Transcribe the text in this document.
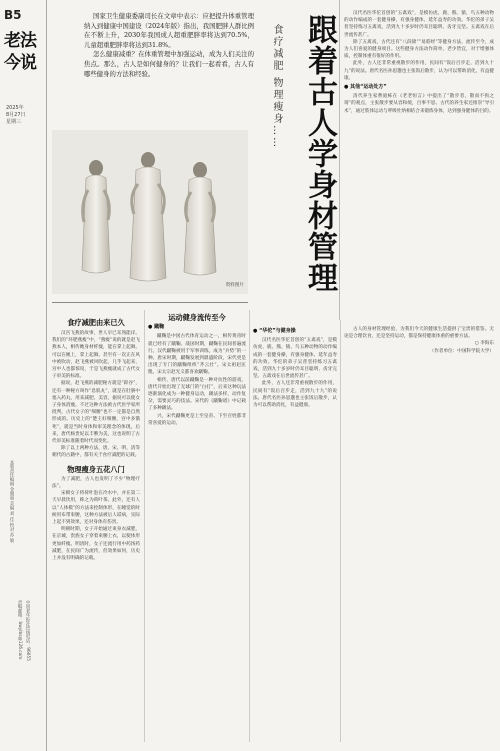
B5
老法
今说
2025年
8月27日
星期三
本版责任编辑 金丽丽 美编 刘 佳 校对 苏 敏
责编邮箱：bwylbs@126.com 中国老年报社热线电话：96655

国家卫生健康委副司长在文章中表示：应把提升体重管理纳入到健康中国建设（2024年版）指出，我国肥胖人群比例在不断上升，2030年我国成人超重肥胖率将达到70.5%，儿童超重肥胖率将达到31.8%。

怎么健康减重？在体重管理中加强运动，成为人们关注的焦点。那么，古人是如何健身的？让我们一起看看，古人有哪些健身的方法和经验。

资料图片 跟着古人学身材管理
食疗减肥 物理瘦身……

汉代名医华佗首创的“五禽戏”，是模仿虎、鹿、熊、猿、鸟五种动物的动作编成的一套健身操，有强身健体、延年益寿的功效。华佗的弟子吴普坚持练习五禽戏，活到九十多岁时仍耳目聪明、齿牙完坚。五禽戏在后世流传甚广。

除了五禽戏，古代还有“八段锦”“易筋经”等健身方法，流传至今，成为人们喜爱的健身项目。这些健身方法动作简单，老少皆宜，对于增强体质、控制体重有很好的作用。

此外，古人还非常重视散步的作用，民间有“饭后百步走，活到九十九”的说法。唐代名医孙思邈也主张饭后散步，认为可以帮助消化，有益健康。

● 其他“运动处方”

清代养生家曹庭栋在《老老恒言》中提出了“散步者，散而不拘之谓”的观点，主张散步要从容和缓，百事不思。古代的养生家还推崇“导引术”，通过肢体运动与呼吸吐纳相结合来锻炼身体，达到强身健体的目的。

食疗减肥由来已久

汉宫飞燕的故事，世人早已耳熟能详。我们的“环肥燕瘦”中，“燕瘦”说的就是赵飞燕本人，相传她身材纤瘦，能在掌上起舞。可以在她上，掌上起舞。甚至有一次正在风中被吹动，赵飞燕被风吹起，几乎飞起来，宫中人也都惊叹，于是飞燕瘦就成了古代女子审美的标准。

据说，赵飞燕的减肥秘方就是“辟谷”，还有一种秘方叫作“息肌丸”，就是在肚脐中塞入药丸，用来减肥、美容，据说可以使女子身体消瘦。不过这种方法被古代医学家所批判，古代女子的“细腰”也不一定都是自然形成的。历史上的“楚王好细腰，宫中多饿死”，就是当时身体和审美理念的体现。后来，唐代杨贵妃以丰腴为美，这也说明了古代审美标准随着时代而变化。

除了以上两种方法，唐、宋、明、清等朝代的古籍中，都有关于食疗减肥的记载。

物理瘦身五花八门

为了减肥，古人也发明了不少“物理疗法”。

宋朝女子将荷叶泡在冷水中，并在第二天早晨饮用，称之为荷叶茶。此外，还有人以“人体模”的方法来控制体形，在睡觉的时候用布带束腰，这种方法被后人诟病，实际上起不到效果，还对身体有伤害。

明朝时期，女子开始通过束身衣减肥，在京城，贵族女子穿着束腰上衣，以使体形更加纤瘦。明清时，女子还流行用中药汤药减肥，在民间广为流传，但效果如何，历史上并没有明确的记载。

运动健身流传至今
● 蹴鞠

蹴鞠是中国古代体育运动之一，相传黄帝时就已经有了蹴鞠。战国时期，蹴鞠在民间普遍流行。汉代蹴鞠被用于军事训练，成为“兵势”的一种。唐宋时期，蹴鞠发展到鼎盛阶段，宋代更是出现了专门的蹴鞠组织“齐云社”。宋太祖赵匡胤、宋太宗赵光义都喜欢蹴鞠。

相传，唐代以前蹴鞠是一种对抗性的游戏，唐代开始出现了无球门的“白打”，后来这种玩法逐渐演化成为一种健身运动，踢法多样，动作复杂，需要灵巧的技法。宋代的《蹴鞠谱》中记载了多种踢法。

兴，宋代蹴鞠更是上至皇帝、下至百姓都非常喜爱的运动。

● “华佗”与健身操

汉代名医华佗首创的“五禽戏”，是模仿虎、鹿、熊、猿、鸟五种动物的动作编成的一套健身操，有强身健体、延年益寿的功效。华佗的弟子吴普坚持练习五禽戏，活到九十多岁时仍耳目聪明、齿牙完坚。五禽戏在后世流传甚广。

此外，古人还非常重视散步的作用，民间有“饭后百步走，活到九十九”的说法。唐代名医孙思邈也主张饭后散步，认为可以帮助消化，有益健康。

古人的身材管理经验，为我们今天的健康生活提供了宝贵的借鉴。无论是合理饮食，还是坚持运动，都是保持健康体重的重要方法。

○ 李海东

（作者单位：中国科学院大学）
